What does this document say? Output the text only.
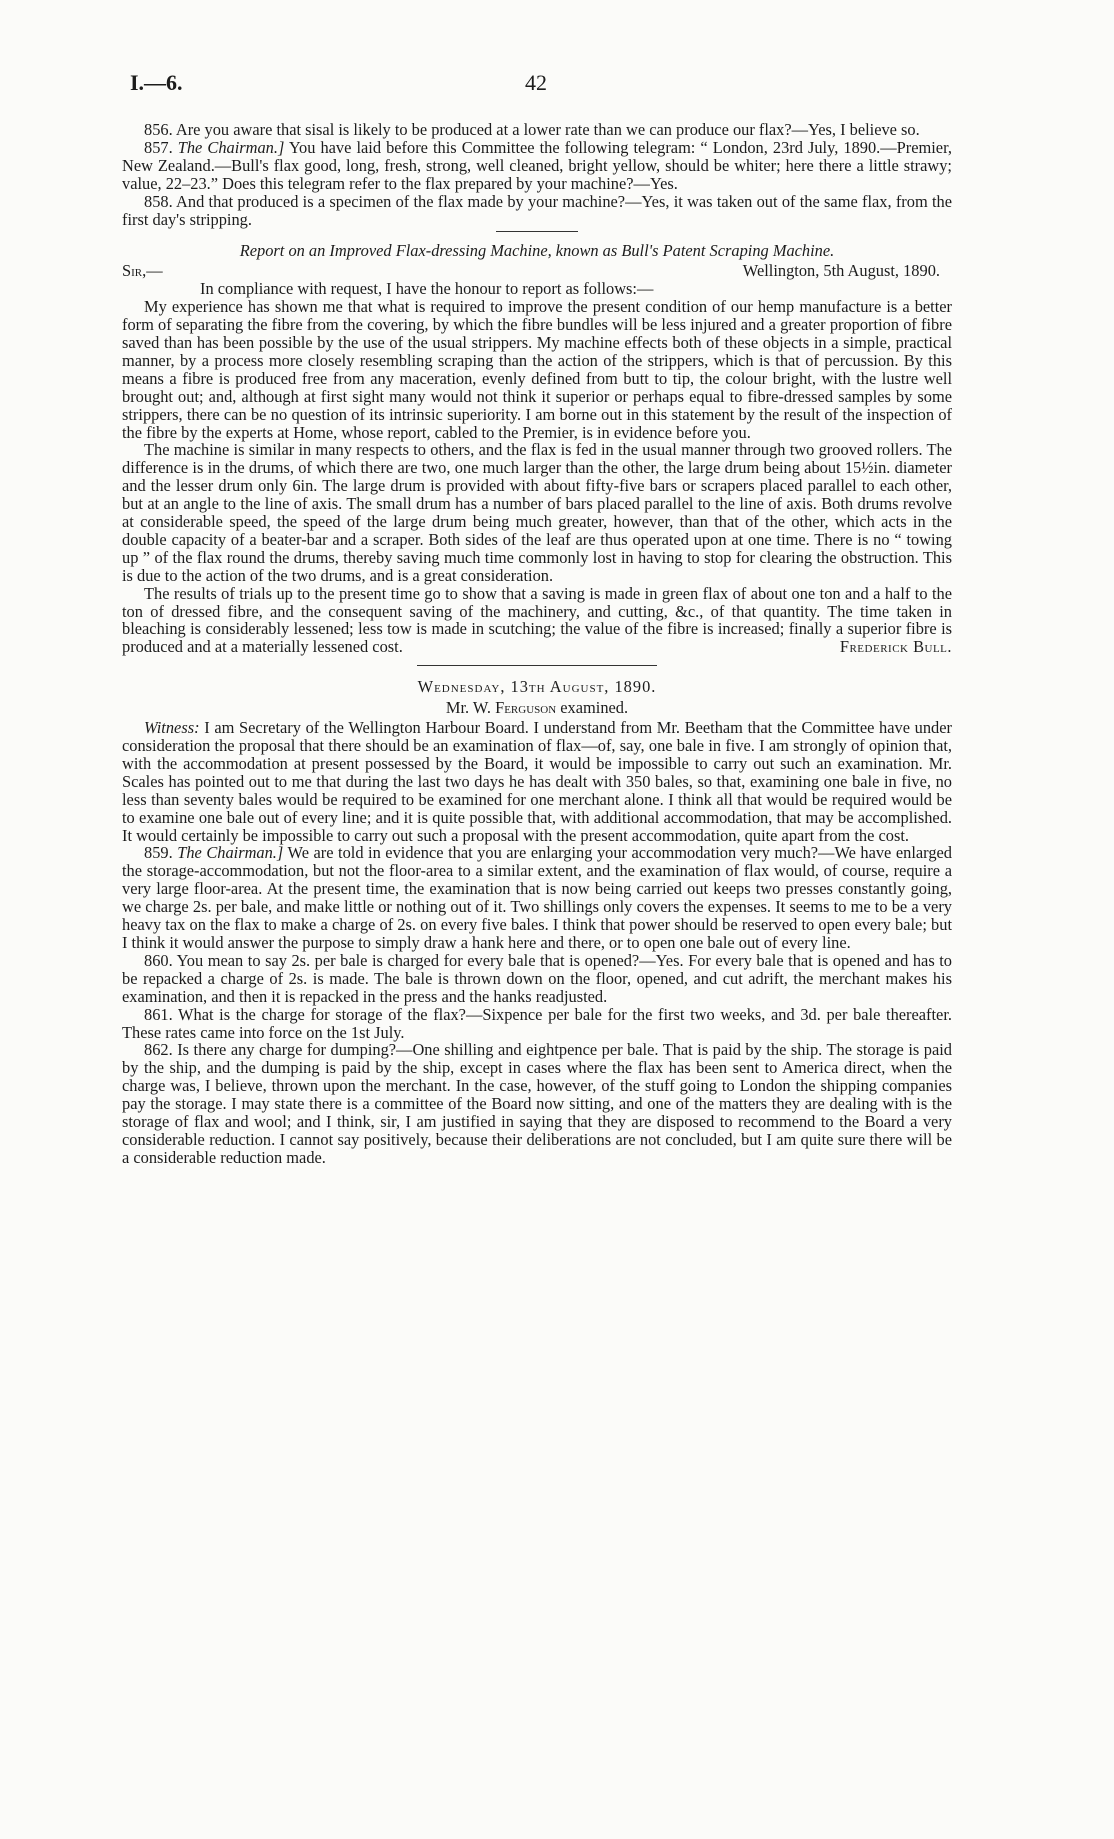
I.—6.	42

856. Are you aware that sisal is likely to be produced at a lower rate than we can produce our flax?—Yes, I believe so.

857. The Chairman.] You have laid before this Committee the following telegram: “ London, 23rd July, 1890.—Premier, New Zealand.—Bull's flax good, long, fresh, strong, well cleaned, bright yellow, should be whiter; here there a little strawy; value, 22–23.” Does this telegram refer to the flax prepared by your machine?—Yes.

858. And that produced is a specimen of the flax made by your machine?—Yes, it was taken out of the same flax, from the first day's stripping.

Report on an Improved Flax-dressing Machine, known as Bull's Patent Scraping Machine.
Sir,—	Wellington, 5th August, 1890.
In compliance with request, I have the honour to report as follows:—

My experience has shown me that what is required to improve the present condition of our hemp manufacture is a better form of separating the fibre from the covering, by which the fibre bundles will be less injured and a greater proportion of fibre saved than has been possible by the use of the usual strippers. My machine effects both of these objects in a simple, practical manner, by a process more closely resembling scraping than the action of the strippers, which is that of percussion. By this means a fibre is produced free from any maceration, evenly defined from butt to tip, the colour bright, with the lustre well brought out; and, although at first sight many would not think it superior or perhaps equal to fibre-dressed samples by some strippers, there can be no question of its intrinsic superiority. I am borne out in this statement by the result of the inspection of the fibre by the experts at Home, whose report, cabled to the Premier, is in evidence before you.

The machine is similar in many respects to others, and the flax is fed in the usual manner through two grooved rollers. The difference is in the drums, of which there are two, one much larger than the other, the large drum being about 15½in. diameter and the lesser drum only 6in. The large drum is provided with about fifty-five bars or scrapers placed parallel to each other, but at an angle to the line of axis. The small drum has a number of bars placed parallel to the line of axis. Both drums revolve at considerable speed, the speed of the large drum being much greater, however, than that of the other, which acts in the double capacity of a beater-bar and a scraper. Both sides of the leaf are thus operated upon at one time. There is no “ towing up ” of the flax round the drums, thereby saving much time commonly lost in having to stop for clearing the obstruction. This is due to the action of the two drums, and is a great consideration.

The results of trials up to the present time go to show that a saving is made in green flax of about one ton and a half to the ton of dressed fibre, and the consequent saving of the machinery, and cutting, &c., of that quantity. The time taken in bleaching is considerably lessened; less tow is made in scutching; the value of the fibre is increased; finally a superior fibre is produced and at a materially lessened cost.	Frederick Bull.

Wednesday, 13th August, 1890.
Mr. W. Ferguson examined.

Witness: I am Secretary of the Wellington Harbour Board. I understand from Mr. Beetham that the Committee have under consideration the proposal that there should be an examination of flax—of, say, one bale in five. I am strongly of opinion that, with the accommodation at present possessed by the Board, it would be impossible to carry out such an examination. Mr. Scales has pointed out to me that during the last two days he has dealt with 350 bales, so that, examining one bale in five, no less than seventy bales would be required to be examined for one merchant alone. I think all that would be required would be to examine one bale out of every line; and it is quite possible that, with additional accommodation, that may be accomplished. It would certainly be impossible to carry out such a proposal with the present accommodation, quite apart from the cost.

859. The Chairman.] We are told in evidence that you are enlarging your accommodation very much?—We have enlarged the storage-accommodation, but not the floor-area to a similar extent, and the examination of flax would, of course, require a very large floor-area. At the present time, the examination that is now being carried out keeps two presses constantly going, we charge 2s. per bale, and make little or nothing out of it. Two shillings only covers the expenses. It seems to me to be a very heavy tax on the flax to make a charge of 2s. on every five bales. I think that power should be reserved to open every bale; but I think it would answer the purpose to simply draw a hank here and there, or to open one bale out of every line.

860. You mean to say 2s. per bale is charged for every bale that is opened?—Yes. For every bale that is opened and has to be repacked a charge of 2s. is made. The bale is thrown down on the floor, opened, and cut adrift, the merchant makes his examination, and then it is repacked in the press and the hanks readjusted.

861. What is the charge for storage of the flax?—Sixpence per bale for the first two weeks, and 3d. per bale thereafter. These rates came into force on the 1st July.

862. Is there any charge for dumping?—One shilling and eightpence per bale. That is paid by the ship. The storage is paid by the ship, and the dumping is paid by the ship, except in cases where the flax has been sent to America direct, when the charge was, I believe, thrown upon the merchant. In the case, however, of the stuff going to London the shipping companies pay the storage. I may state there is a committee of the Board now sitting, and one of the matters they are dealing with is the storage of flax and wool; and I think, sir, I am justified in saying that they are disposed to recommend to the Board a very considerable reduction. I cannot say positively, because their deliberations are not concluded, but I am quite sure there will be a considerable reduction made.
